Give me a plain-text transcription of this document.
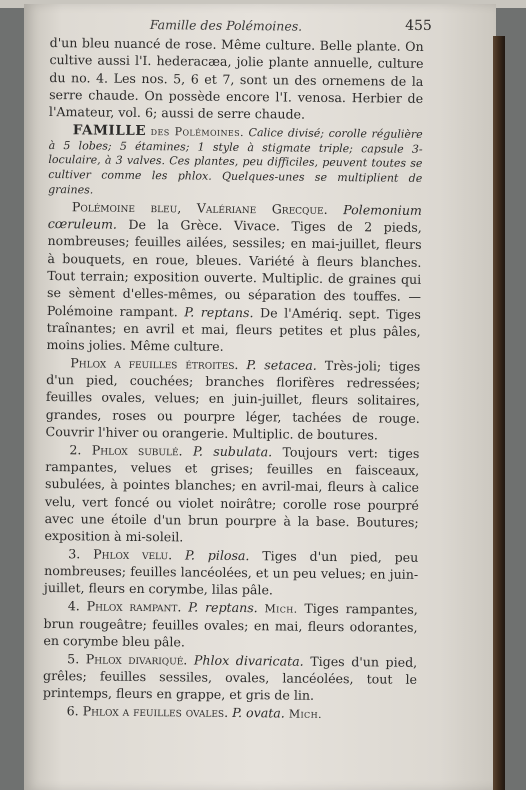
Famille des Polémoines.	455

d'un bleu nuancé de rose. Même culture. Belle plante. On cultive aussi l'I. hederacæa, jolie plante annuelle, culture du no. 4. Les nos. 5, 6 et 7, sont un des ornemens de la serre chaude. On possède encore l'I. venosa. Herbier de l'Amateur, vol. 6; aussi de serre chaude.

FAMILLE des Polémoines. Calice divisé; corolle régulière à 5 lobes; 5 étamines; 1 style à stigmate triple; capsule 3-loculaire, à 3 valves. Ces plantes, peu difficiles, peuvent toutes se cultiver comme les phlox. Quelques-unes se multiplient de graines.

Polémoine bleu, Valériane Grecque. Polemonium cœruleum. De la Grèce. Vivace. Tiges de 2 pieds, nombreuses; feuilles ailées, sessiles; en mai-juillet, fleurs à bouquets, en roue, bleues. Variété à fleurs blanches. Tout terrain; exposition ouverte. Multiplic. de graines qui se sèment d'elles-mêmes, ou séparation des touffes. — Polémoine rampant. P. reptans. De l'Amériq. sept. Tiges traînantes; en avril et mai, fleurs petites et plus pâles, moins jolies. Même culture.

Phlox a feuilles étroites. P. setacea. Très-joli; tiges d'un pied, couchées; branches florifères redressées; feuilles ovales, velues; en juin-juillet, fleurs solitaires, grandes, roses ou pourpre léger, tachées de rouge. Couvrir l'hiver ou orangerie. Multiplic. de boutures.

2. Phlox subulé. P. subulata. Toujours vert: tiges rampantes, velues et grises; feuilles en faisceaux, subulées, à pointes blanches; en avril-mai, fleurs à calice velu, vert foncé ou violet noirâtre; corolle rose pourpré avec une étoile d'un brun pourpre à la base. Boutures; exposition à mi-soleil.

3. Phlox velu. P. pilosa. Tiges d'un pied, peu nombreuses; feuilles lancéolées, et un peu velues; en juin-juillet, fleurs en corymbe, lilas pâle.

4. Phlox rampant. P. reptans. Mich. Tiges rampantes, brun rougeâtre; feuilles ovales; en mai, fleurs odorantes, en corymbe bleu pâle.

5. Phlox divariqué. Phlox divaricata. Tiges d'un pied, grêles; feuilles sessiles, ovales, lancéolées, tout le printemps, fleurs en grappe, et gris de lin.

6. Phlox a feuilles ovales. P. ovata. Mich.
